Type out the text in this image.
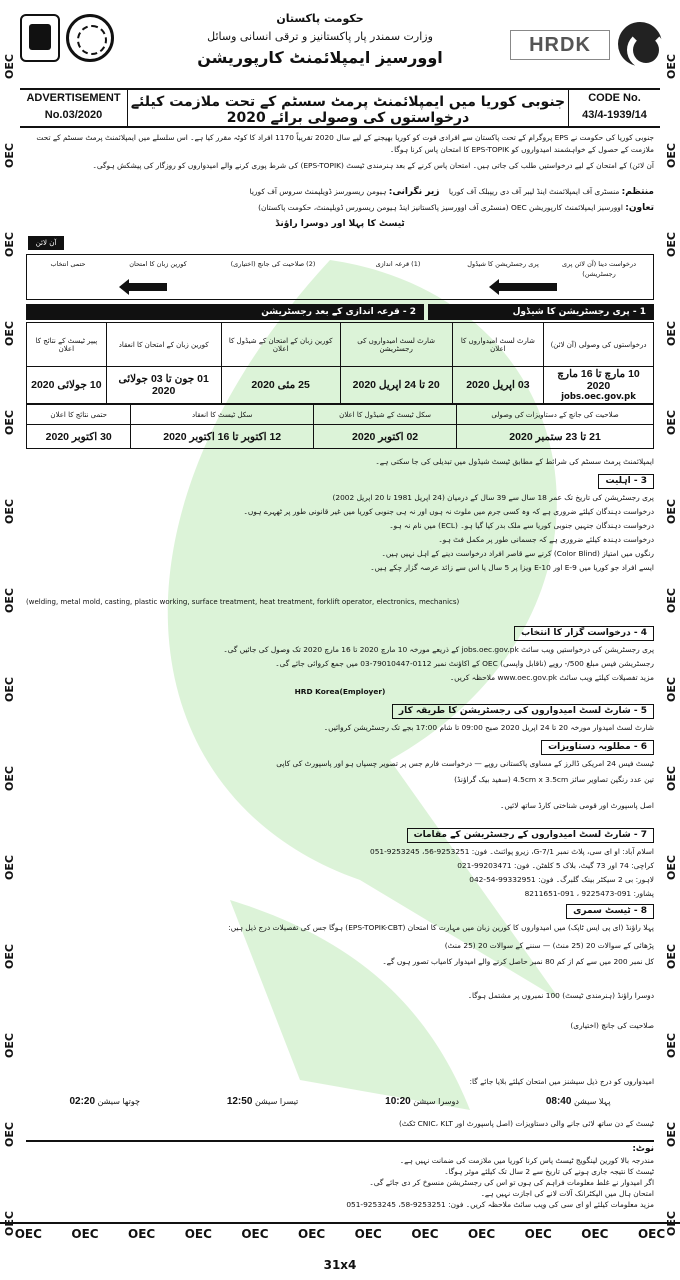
OEC
OEC
OEC
OEC
OEC
OEC
OEC
OEC
OEC
OEC
OEC
OEC
OEC
OEC
OEC
OEC
OEC
OEC
OEC
OEC
OEC
OEC
OEC
OEC
OEC
OEC
OEC
OEC
حکومت پاکستان
وزارت سمندر پار پاکستانیز و ترقی انسانی وسائل
اوورسیز ایمپلائمنٹ کارپوریشن
HRDK
ADVERTISEMENT
No.03/2020
جنوبی کوریا میں ایمپلائمنٹ پرمٹ سسٹم کے تحت ملازمت کیلئے درخواستوں کی وصولی برائے 2020
CODE No.
43/4-1939/14
جنوبی کوریا کی حکومت نے EPS پروگرام کے تحت پاکستان سے افرادی قوت کو کوریا بھیجنے کے لیے سال 2020 تقریباً 1170 افراد کا کوٹہ مقرر کیا ہے۔ اس سلسلے میں ایمپلائمنٹ پرمٹ سسٹم کے تحت ملازمت کے حصول کے خواہشمند امیدواروں کو EPS-TOPIK کا امتحان پاس کرنا ہوگا۔
آن لائن) کے امتحان کے لیے درخواستیں طلب کی جاتی ہیں۔ امتحان پاس کرنے کے بعد ہنرمندی ٹیسٹ (EPS-TOPIK) کی شرط پوری کرنے والے امیدواروں کو روزگار کی پیشکش ہوگی۔
منتظم: منسٹری آف ایمپلائمنٹ اینڈ لیبر آف دی ریپبلک آف کوریا    زیر نگرانی: ہیومن ریسورسز ڈویلپمنٹ سروس آف کوریا
تعاون: اوورسیز ایمپلائمنٹ کارپوریشن OEC (منسٹری آف اوورسیز پاکستانیز اینڈ ہیومن ریسورس ڈویلپمنٹ، حکومت پاکستان)
ٹیسٹ کا پہلا اور دوسرا راؤنڈ
آن لائن
درخواست دینا (آن لائن پری رجسٹریشن)
پری رجسٹریشن کا شیڈول
(1) قرعہ اندازی
(2) صلاحیت کی جانچ (اختیاری)
کورین زبان کا امتحان
حتمی انتخاب
1 - پری رجسٹریشن کا شیڈول
2 - قرعہ اندازی کے بعد رجسٹریشن
درخواستوں کی وصولی (آن لائن)	شارٹ لسٹ امیدواروں کا اعلان	شارٹ لسٹ امیدواروں کی رجسٹریشن	کورین زبان کے امتحان کے شیڈول کا اعلان	کورین زبان کے امتحان کا انعقاد	پیپر ٹیسٹ کے نتائج کا اعلان

10 مارچ تا 16 مارچ 2020
jobs.oec.gov.pk	03 اپریل 2020	20 تا 24 اپریل 2020	25 مئی 2020	01 جون تا 03 جولائی 2020	10 جولائی 2020
صلاحیت کی جانچ کے دستاویزات کی وصولی	سکل ٹیسٹ کے شیڈول کا اعلان	سکل ٹیسٹ کا انعقاد	حتمی نتائج کا اعلان
21 تا 23 ستمبر 2020	02 اکتوبر 2020	12 اکتوبر تا 16 اکتوبر 2020	30 اکتوبر 2020
ایمپلائمنٹ پرمٹ سسٹم کی شرائط کے مطابق ٹیسٹ شیڈول میں تبدیلی کی جا سکتی ہے۔
3 - اہلیت
پری رجسٹریشن کی تاریخ تک عمر 18 سال سے 39 سال کے درمیان (24 اپریل 1981 تا 20 اپریل 2002)
درخواست دہندگان کیلئے ضروری ہے کہ وہ کسی جرم میں ملوث نہ ہوں اور نہ ہی جنوبی کوریا میں غیر قانونی طور پر ٹھہرے ہوں۔
درخواست دہندگان جنہیں جنوبی کوریا سے ملک بدر کیا گیا ہو۔ (ECL) میں نام نہ ہو۔
درخواست دہندہ کیلئے ضروری ہے کہ جسمانی طور پر مکمل فٹ ہو۔
رنگوں میں امتیاز (Color Blind) کرنے سے قاصر افراد درخواست دینے کے اہل نہیں ہیں۔
ایسے افراد جو کوریا میں E-9 اور E-10 ویزا پر 5 سال یا اس سے زائد عرصہ گزار چکے ہیں۔
(welding, metal mold, casting, plastic working, surface treatment, heat treatment, forklift operator, electronics, mechanics)
4 - درخواست گزار کا انتخاب
پری رجسٹریشن کی درخواستیں ویب سائٹ jobs.oec.gov.pk کے ذریعے مورخہ 10 مارچ 2020 تا 16 مارچ 2020 تک وصول کی جائیں گی۔
رجسٹریشن فیس مبلغ 500/- روپے (ناقابل واپسی) OEC کے اکاؤنٹ نمبر 0112-79010447-03 میں جمع کروائی جائے گی۔
مزید تفصیلات کیلئے ویب سائٹ www.oec.gov.pk ملاحظہ کریں۔
HRD Korea(Employer)
5 - شارٹ لسٹ امیدواروں کی رجسٹریشن کا طریقہ کار
شارٹ لسٹ امیدوار مورخہ 20 تا 24 اپریل 2020 صبح 09:00 تا شام 17:00 بجے تک رجسٹریشن کروائیں۔
6 - مطلوبہ دستاویزات
ٹیسٹ فیس 24 امریکی ڈالرز کے مساوی پاکستانی روپے — درخواست فارم جس پر تصویر چسپاں ہو اور پاسپورٹ کی کاپی
تین عدد رنگین تصاویر سائز 4.5cm x 3.5cm (سفید بیک گراؤنڈ)
اصل پاسپورٹ اور قومی شناختی کارڈ ساتھ لائیں۔
7 - شارٹ لسٹ امیدواروں کے رجسٹریشن کے مقامات
اسلام آباد: او ای سی، پلاٹ نمبر 1/G-7، زیرو پوائنٹ۔ فون: 9253251-56، 9253245-051
کراچی: 74 اور 73 گیٹ، بلاک 5 کلفٹن۔ فون: 99203471-021
لاہور: بی 2 سیکٹر بینک گلبرگ۔ فون: 99332951-54-042
پشاور: 091-9225473 ، 091-8211651
8 - ٹیسٹ سمری
پہلا راؤنڈ (ای پی ایس ٹاپک) میں امیدواروں کا کورین زبان میں مہارت کا امتحان (EPS-TOPIK-CBT) ہوگا جس کی تفصیلات درج ذیل ہیں:
پڑھائی کے سوالات 20 (25 منٹ) — سننے کے سوالات 20 (25 منٹ)
کل نمبر 200 میں سے کم از کم 80 نمبر حاصل کرنے والے امیدوار کامیاب تصور ہوں گے۔
دوسرا راؤنڈ (ہنرمندی ٹیسٹ) 100 نمبروں پر مشتمل ہوگا۔
صلاحیت کی جانچ (اختیاری)
امیدواروں کو درج ذیل سیشنز میں امتحان کیلئے بلایا جائے گا:
پہلا سیشن 08:40
دوسرا سیشن 10:20
تیسرا سیشن 12:50
چوتھا سیشن 02:20
ٹیسٹ کے دن ساتھ لائی جانے والی دستاویزات (اصل پاسپورٹ اور CNIC، KLT ٹکٹ)
نوٹ:
مندرجہ بالا کورین لینگویج ٹیسٹ پاس کرنا کوریا میں ملازمت کی ضمانت نہیں ہے۔
ٹیسٹ کا نتیجہ جاری ہونے کی تاریخ سے 2 سال تک کیلئے موثر ہوگا۔
اگر امیدوار نے غلط معلومات فراہم کی ہوں تو اس کی رجسٹریشن منسوخ کر دی جائے گی۔
امتحان ہال میں الیکٹرانک آلات لانے کی اجازت نہیں ہے۔
مزید معلومات کیلئے او ای سی کی ویب سائٹ ملاحظہ کریں۔ فون: 9253251-58، 9253245-051
OEC OEC OEC OEC OEC OEC OEC OEC OEC OEC OEC OEC
31x4
